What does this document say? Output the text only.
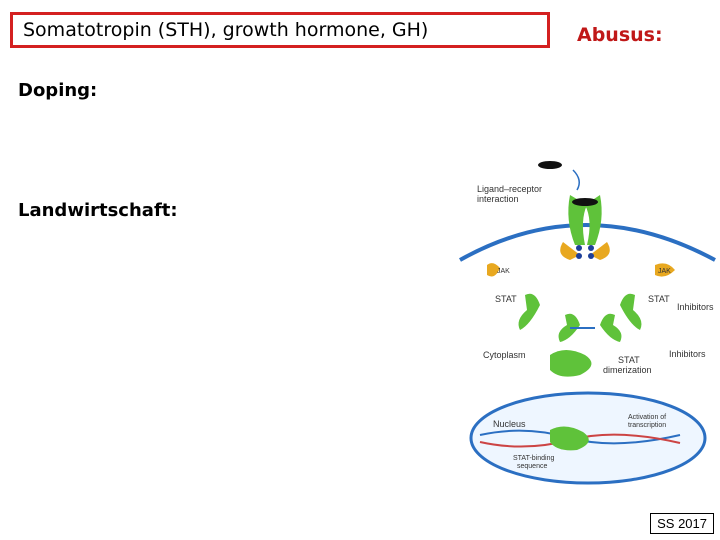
Somatotropin (STH), growth hormone, GH)	Abusus:
Doping:
Landwirtschaft:
Ligand–receptor
interaction
JAK	JAK
STAT	STAT
Inhibitors
Cytoplasm	Inhibitors
STAT
dimerization
Nucleus
Activation of
transcription
STAT-binding
sequence
SS 2017
